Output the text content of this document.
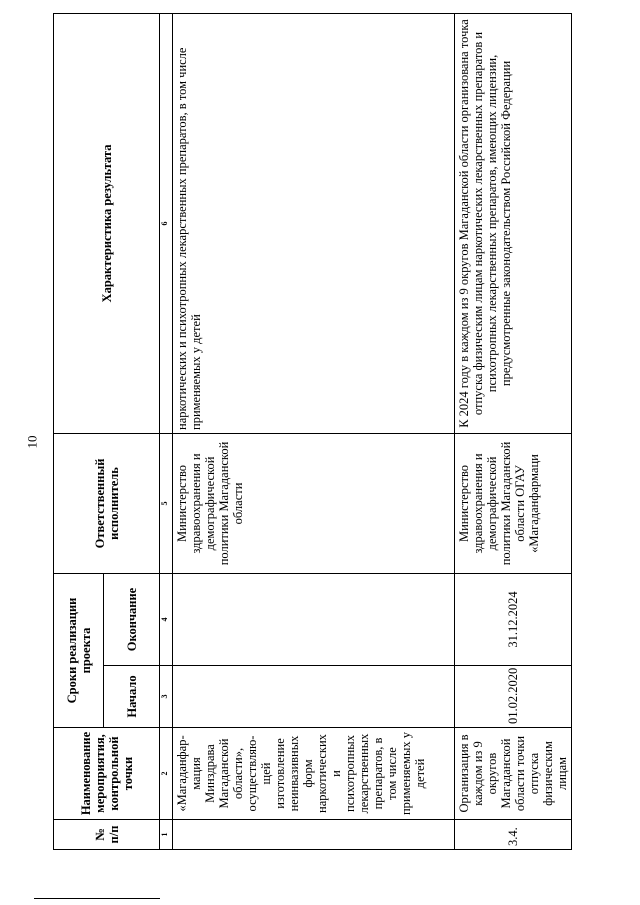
10
№ п/п	Наименование мероприятия, контрольной точки	Сроки реализации проекта		Ответственный исполнитель	Характеристика результата
		Начало	Окончание		
1	2	3	4	5	6
	«Магаданфар-мация Минздрава Магаданской области», осуществляю-щей изготовление неинвазивных форм наркотических и психотропных лекарственных препаратов, в том числе применяемых у детей			Министерство здравоохранения и демографической политики Магаданской области	наркотических и психотропных лекарственных препаратов, в том числе применяемых у детей
3.4.	Организация в каждом из 9 округов Магаданской области точки отпуска физическим лицам	01.02.2020	31.12.2024	Министерство здравоохранения и демографической политики Магаданской области ОГАУ «Магаданфармаци	К 2024 году в каждом из 9 округов Магаданской области организована точка отпуска физическим лицам наркотических лекарственных препаратов и психотропных лекарственных препаратов, имеющих лицензии, предусмотренные законодательством Российской Федерации
